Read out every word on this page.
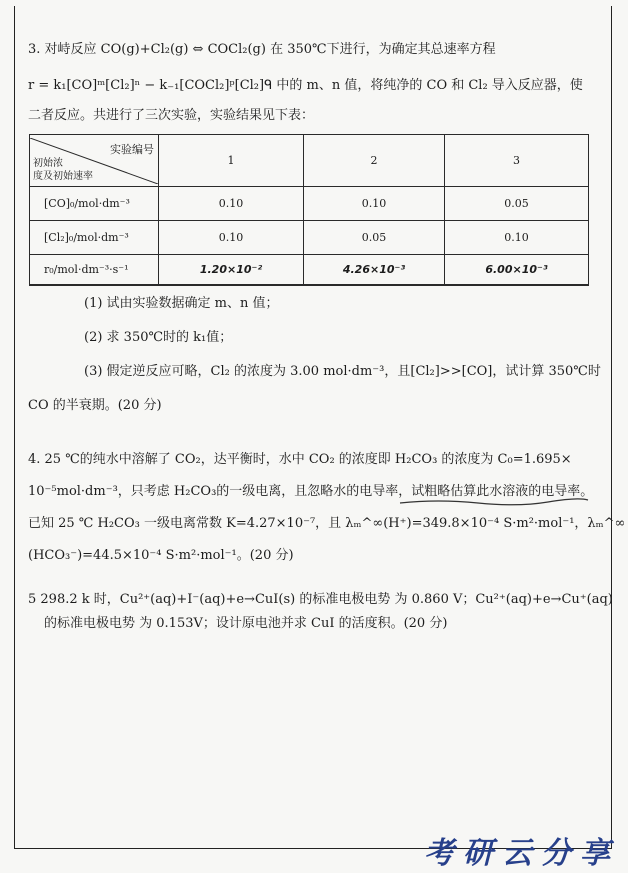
3. 对峙反应 CO(g)+Cl₂(g) ⇔ COCl₂(g) 在 350℃下进行，为确定其总速率方程
r = k₁[CO]ᵐ[Cl₂]ⁿ − k₋₁[COCl₂]ᵖ[Cl₂]ᑫ 中的 m、n 值，将纯净的 CO 和 Cl₂ 导入反应器，使
二者反应。共进行了三次实验，实验结果见下表：
实验编号
初始浓
度及初始速率	1	2	3
[CO]₀/mol·dm⁻³	0.10	0.10	0.05
[Cl₂]₀/mol·dm⁻³	0.10	0.05	0.10
r₀/mol·dm⁻³·s⁻¹	1.20×10⁻²	4.26×10⁻³	6.00×10⁻³
(1) 试由实验数据确定 m、n 值；
(2) 求 350℃时的 k₁值；
(3) 假定逆反应可略，Cl₂ 的浓度为 3.00 mol·dm⁻³，且[Cl₂]>>[CO]，试计算 350℃时
CO 的半衰期。(20 分)
4. 25 ℃的纯水中溶解了 CO₂，达平衡时，水中 CO₂ 的浓度即 H₂CO₃ 的浓度为 C₀=1.695×
10⁻⁵mol·dm⁻³，只考虑 H₂CO₃的一级电离，且忽略水的电导率，试粗略估算此水溶液的电导率。
已知 25 ℃ H₂CO₃ 一级电离常数 K=4.27×10⁻⁷，且 λₘ^∞(H⁺)=349.8×10⁻⁴ S·m²·mol⁻¹，λₘ^∞
(HCO₃⁻)=44.5×10⁻⁴ S·m²·mol⁻¹。(20 分)
5 298.2 k 时，Cu²⁺(aq)+I⁻(aq)+e→CuI(s) 的标准电极电势 为 0.860 V；Cu²⁺(aq)+e→Cu⁺(aq)
的标准电极电势 为 0.153V；设计原电池并求 CuI 的活度积。(20 分)
考研云分享
